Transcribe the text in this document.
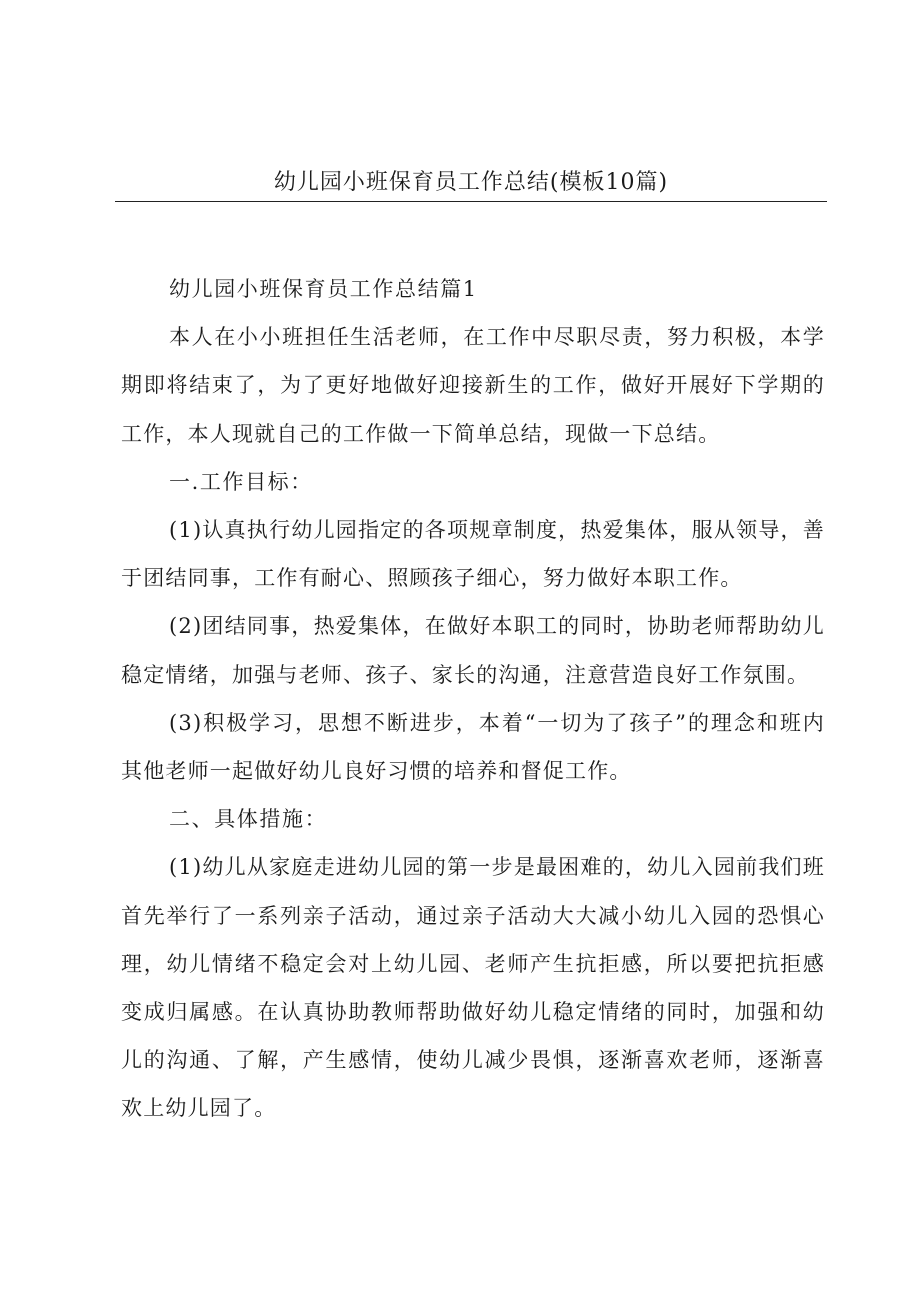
幼儿园小班保育员工作总结(模板10篇)

幼儿园小班保育员工作总结篇1

本人在小小班担任生活老师，在工作中尽职尽责，努力积极，本学期即将结束了，为了更好地做好迎接新生的工作，做好开展好下学期的工作，本人现就自己的工作做一下简单总结，现做一下总结。

一.工作目标：

(1)认真执行幼儿园指定的各项规章制度，热爱集体，服从领导，善于团结同事，工作有耐心、照顾孩子细心，努力做好本职工作。

(2)团结同事，热爱集体，在做好本职工的同时，协助老师帮助幼儿稳定情绪，加强与老师、孩子、家长的沟通，注意营造良好工作氛围。

(3)积极学习，思想不断进步，本着“一切为了孩子”的理念和班内其他老师一起做好幼儿良好习惯的培养和督促工作。

二、具体措施：

(1)幼儿从家庭走进幼儿园的第一步是最困难的，幼儿入园前我们班首先举行了一系列亲子活动，通过亲子活动大大减小幼儿入园的恐惧心理，幼儿情绪不稳定会对上幼儿园、老师产生抗拒感，所以要把抗拒感变成归属感。在认真协助教师帮助做好幼儿稳定情绪的同时，加强和幼儿的沟通、了解，产生感情，使幼儿减少畏惧，逐渐喜欢老师，逐渐喜欢上幼儿园了。
